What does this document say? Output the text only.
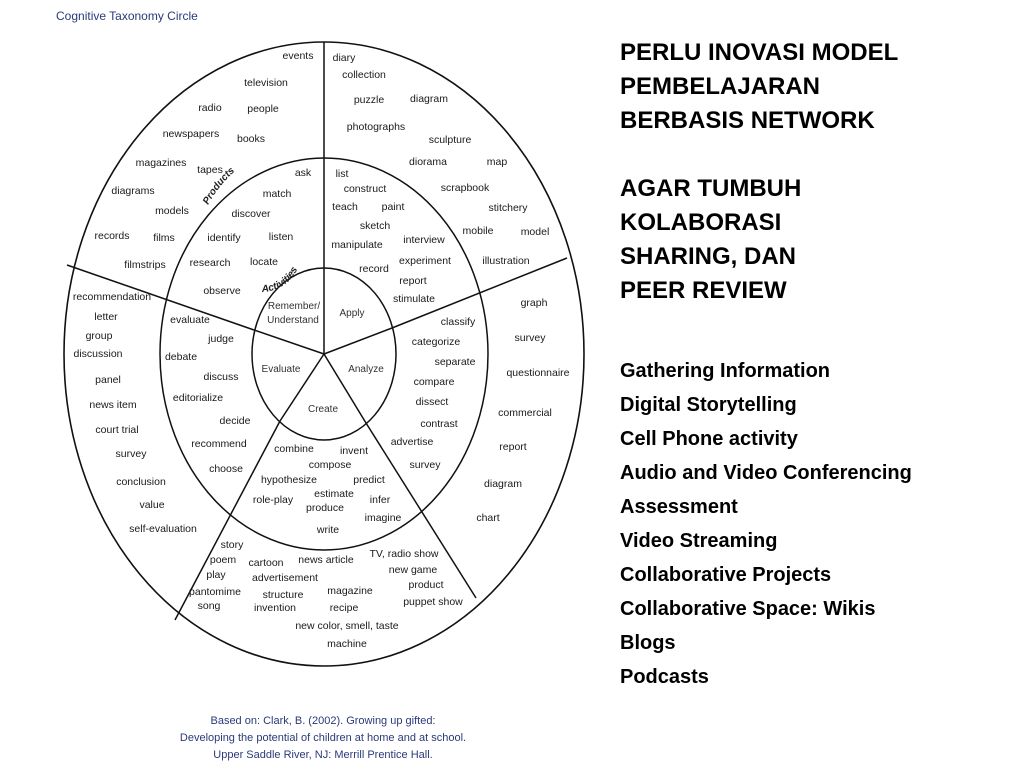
Cognitive Taxonomy Circle
Remember/
Understand
Apply
Analyze
Evaluate
Create
Products
Activities
events diary
collection
television
radio people
puzzle diagram
newspapers books
photographs
sculpture
magazines
tapes
diorama	map
diagrams
ask list
construct	scrapbook
match
models	discover
teach paint	stitchery
records films	identify	listen
sketch
interview
mobile	model
manipulate
filmstrips research locate	experiment	illustration
record
report
recommendation	observe
stimulate	graph
letter	evaluate	classify
group	judge	survey
discussion
categorize
debate	separate
panel	discuss	compare
questionnaire
editorialize	dissect
news item
commercial
decide	contrast
court trial
recommend	advertise	report
survey	combine invent
choose	survey
compose
conclusion	hypothesize	predict	diagram
estimate
value	role-play	infer
produce
chart
imagine
self-evaluation	write
story
poem	TV, radio show
cartoon news article
play	new game
advertisement
pantomime
product
magazine
structure
song	invention	puppet show
recipe
new color, smell, taste
machine
Based on: Clark, B. (2002). Growing up gifted:
Developing the potential of children at home and at school.
Upper Saddle River, NJ: Merrill Prentice Hall.
PERLU INOVASI MODEL
PEMBELAJARAN
BERBASIS NETWORK
AGAR TUMBUH
KOLABORASI
SHARING, DAN
PEER REVIEW
Gathering Information
Digital Storytelling
Cell Phone activity
Audio and Video Conferencing
Assessment
Video Streaming
Collaborative Projects
Collaborative Space: Wikis
Blogs
Podcasts
